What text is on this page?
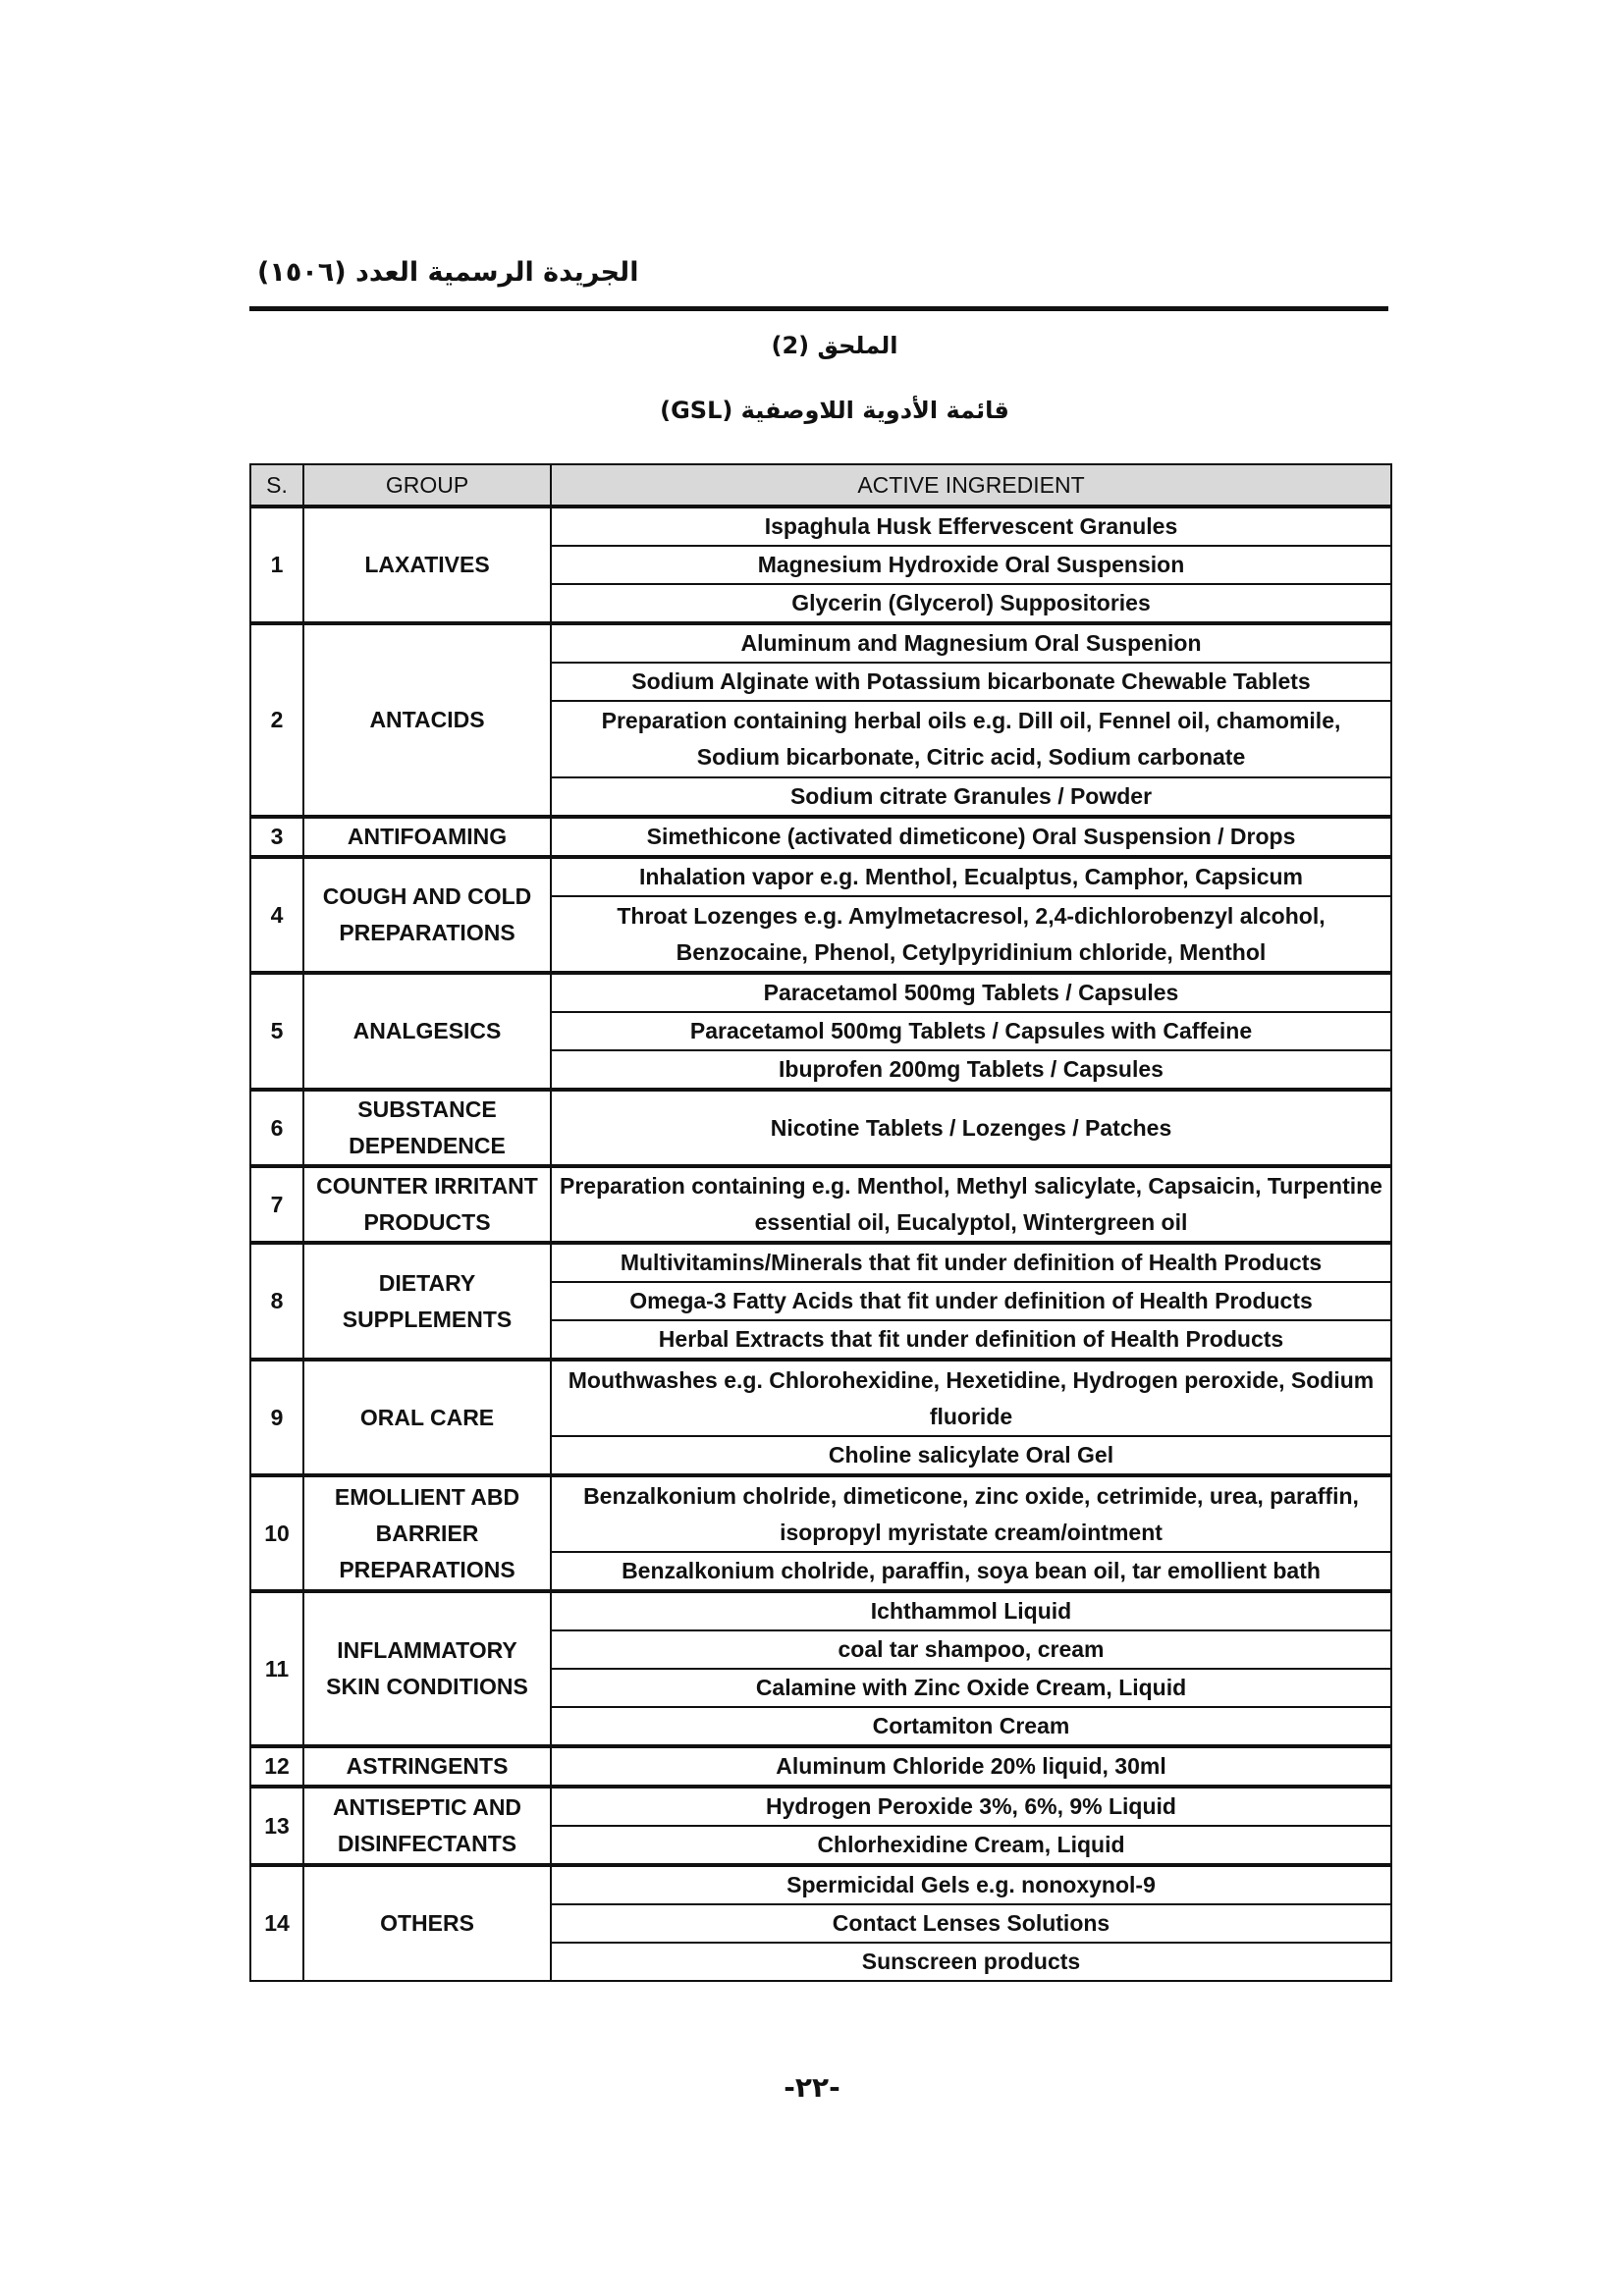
الجريدة الرسمية العدد (١٥٠٦)
الملحق (2)
قائمة الأدوية اللاوصفية (GSL)
S.	GROUP	ACTIVE INGREDIENT
1	LAXATIVES	Ispaghula Husk Effervescent Granules
		Magnesium Hydroxide Oral Suspension
		Glycerin (Glycerol) Suppositories
2	ANTACIDS	Aluminum and Magnesium Oral Suspenion
		Sodium Alginate with Potassium bicarbonate Chewable Tablets
		Preparation containing herbal oils e.g. Dill oil, Fennel oil, chamomile, Sodium bicarbonate, Citric acid, Sodium carbonate
		Sodium citrate Granules / Powder
3	ANTIFOAMING	Simethicone (activated dimeticone) Oral Suspension / Drops
4	COUGH AND COLD PREPARATIONS	Inhalation vapor e.g. Menthol, Ecualptus, Camphor, Capsicum
		Throat Lozenges e.g. Amylmetacresol, 2,4-dichlorobenzyl alcohol, Benzocaine, Phenol, Cetylpyridinium chloride, Menthol
5	ANALGESICS	Paracetamol 500mg Tablets / Capsules
		Paracetamol 500mg Tablets / Capsules with Caffeine
		Ibuprofen 200mg Tablets / Capsules
6	SUBSTANCE DEPENDENCE	Nicotine Tablets / Lozenges / Patches
7	COUNTER IRRITANT PRODUCTS	Preparation containing e.g. Menthol, Methyl salicylate, Capsaicin, Turpentine essential oil, Eucalyptol, Wintergreen oil
8	DIETARY SUPPLEMENTS	Multivitamins/Minerals that fit under definition of Health Products
		Omega-3 Fatty Acids that fit under definition of Health Products
		Herbal Extracts that fit under definition of Health Products
9	ORAL CARE	Mouthwashes e.g. Chlorohexidine, Hexetidine, Hydrogen peroxide, Sodium fluoride
		Choline salicylate Oral Gel
10	EMOLLIENT ABD BARRIER PREPARATIONS	Benzalkonium cholride, dimeticone, zinc oxide, cetrimide, urea, paraffin, isopropyl myristate cream/ointment
		Benzalkonium cholride, paraffin, soya bean oil, tar emollient bath
11	INFLAMMATORY SKIN CONDITIONS	Ichthammol Liquid
		coal tar shampoo, cream
		Calamine with Zinc Oxide Cream, Liquid
		Cortamiton Cream
12	ASTRINGENTS	Aluminum Chloride 20% liquid, 30ml
13	ANTISEPTIC AND DISINFECTANTS	Hydrogen Peroxide 3%, 6%, 9% Liquid
		Chlorhexidine Cream, Liquid
14	OTHERS	Spermicidal Gels e.g. nonoxynol-9
		Contact Lenses Solutions
		Sunscreen products
-٢٢-
